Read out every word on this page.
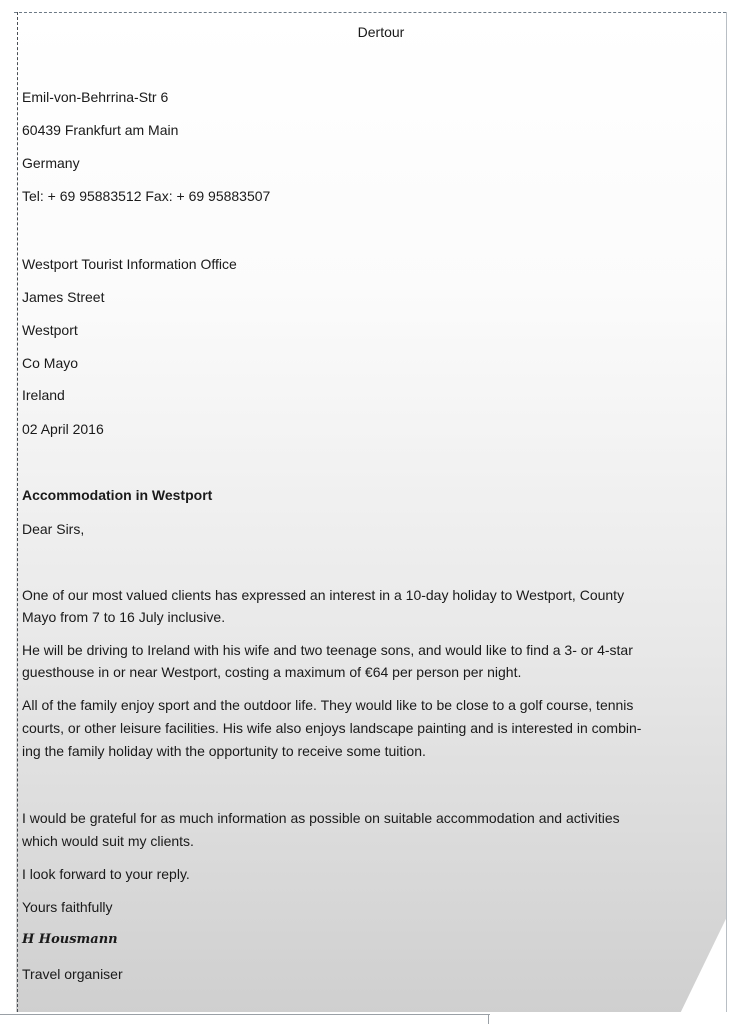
Dertour
Emil-von-Behrrina-Str 6
60439 Frankfurt am Main
Germany
Tel: + 69 95883512 Fax: + 69 95883507
Westport Tourist Information Office
James Street
Westport
Co Mayo
Ireland
02 April 2016
Accommodation in Westport
Dear Sirs,
One of our most valued clients has expressed an interest in a 10-day holiday to Westport, County
Mayo from 7 to 16 July inclusive.
He will be driving to Ireland with his wife and two teenage sons, and would like to find a 3- or 4-star
guesthouse in or near Westport, costing a maximum of €64 per person per night.
All of the family enjoy sport and the outdoor life. They would like to be close to a golf course, tennis
courts, or other leisure facilities. His wife also enjoys landscape painting and is interested in combin-
ing the family holiday with the opportunity to receive some tuition.
I would be grateful for as much information as possible on suitable accommodation and activities
which would suit my clients.
I look forward to your reply.
Yours faithfully
H Housmann
Travel organiser
